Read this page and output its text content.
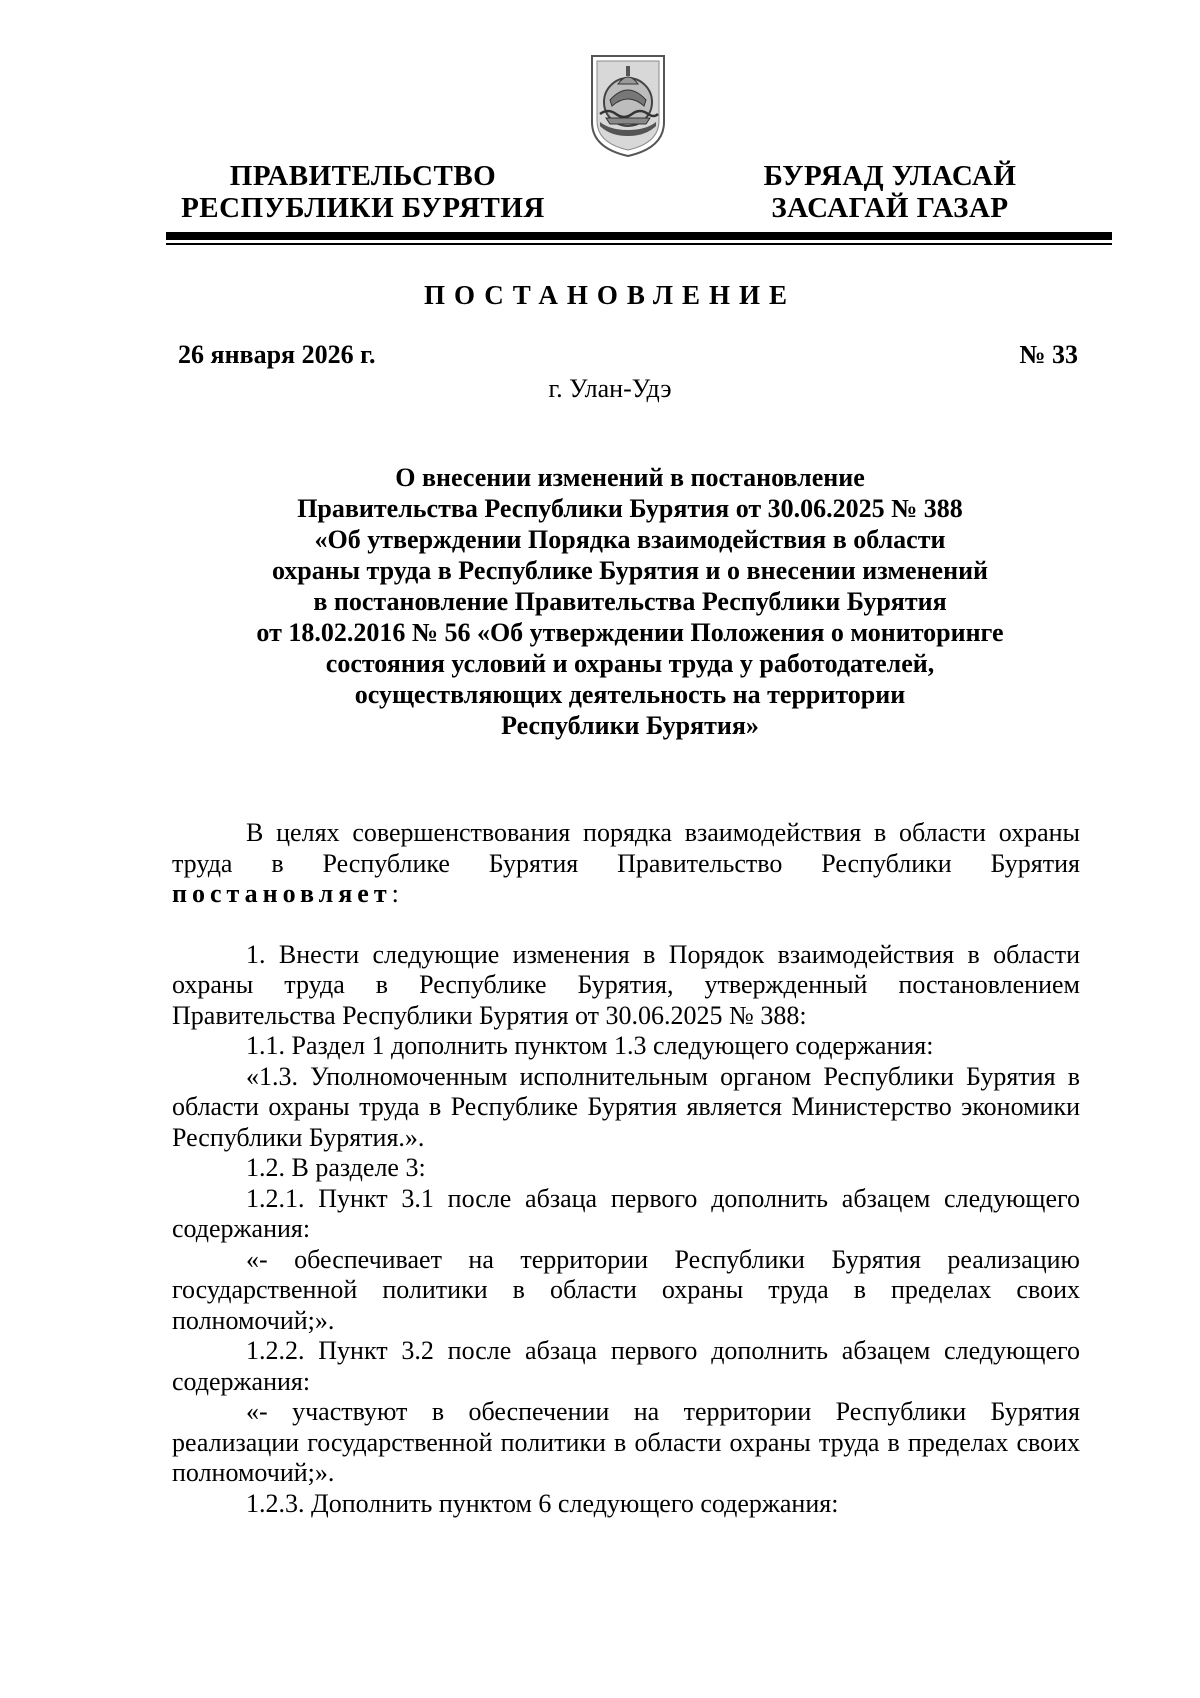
ПРАВИТЕЛЬСТВО
РЕСПУБЛИКИ БУРЯТИЯ
БУРЯАД УЛАСАЙ
ЗАСАГАЙ ГАЗАР
ПОСТАНОВЛЕНИЕ
26 января 2026 г.	№ 33
г. Улан-Удэ
О внесении изменений в постановление
Правительства Республики Бурятия от 30.06.2025 № 388
«Об утверждении Порядка взаимодействия в области
охраны труда в Республике Бурятия и о внесении изменений
в постановление Правительства Республики Бурятия
от 18.02.2016 № 56 «Об утверждении Положения о мониторинге
состояния условий и охраны труда у работодателей,
осуществляющих деятельность на территории
Республики Бурятия»

В целях совершенствования порядка взаимодействия в области охраны труда в Республике Бурятия Правительство Республики Бурятия постановляет:

1. Внести следующие изменения в Порядок взаимодействия в области охраны труда в Республике Бурятия, утвержденный постановлением Правительства Республики Бурятия от 30.06.2025 № 388:

1.1. Раздел 1 дополнить пунктом 1.3 следующего содержания:

«1.3. Уполномоченным исполнительным органом Республики Бурятия в области охраны труда в Республике Бурятия является Министерство экономики Республики Бурятия.».

1.2. В разделе 3:

1.2.1. Пункт 3.1 после абзаца первого дополнить абзацем следующего содержания:

«- обеспечивает на территории Республики Бурятия реализацию государственной политики в области охраны труда в пределах своих полномочий;».

1.2.2. Пункт 3.2 после абзаца первого дополнить абзацем следующего содержания:

«- участвуют в обеспечении на территории Республики Бурятия реализации государственной политики в области охраны труда в пределах своих полномочий;».

1.2.3. Дополнить пунктом 6 следующего содержания:
